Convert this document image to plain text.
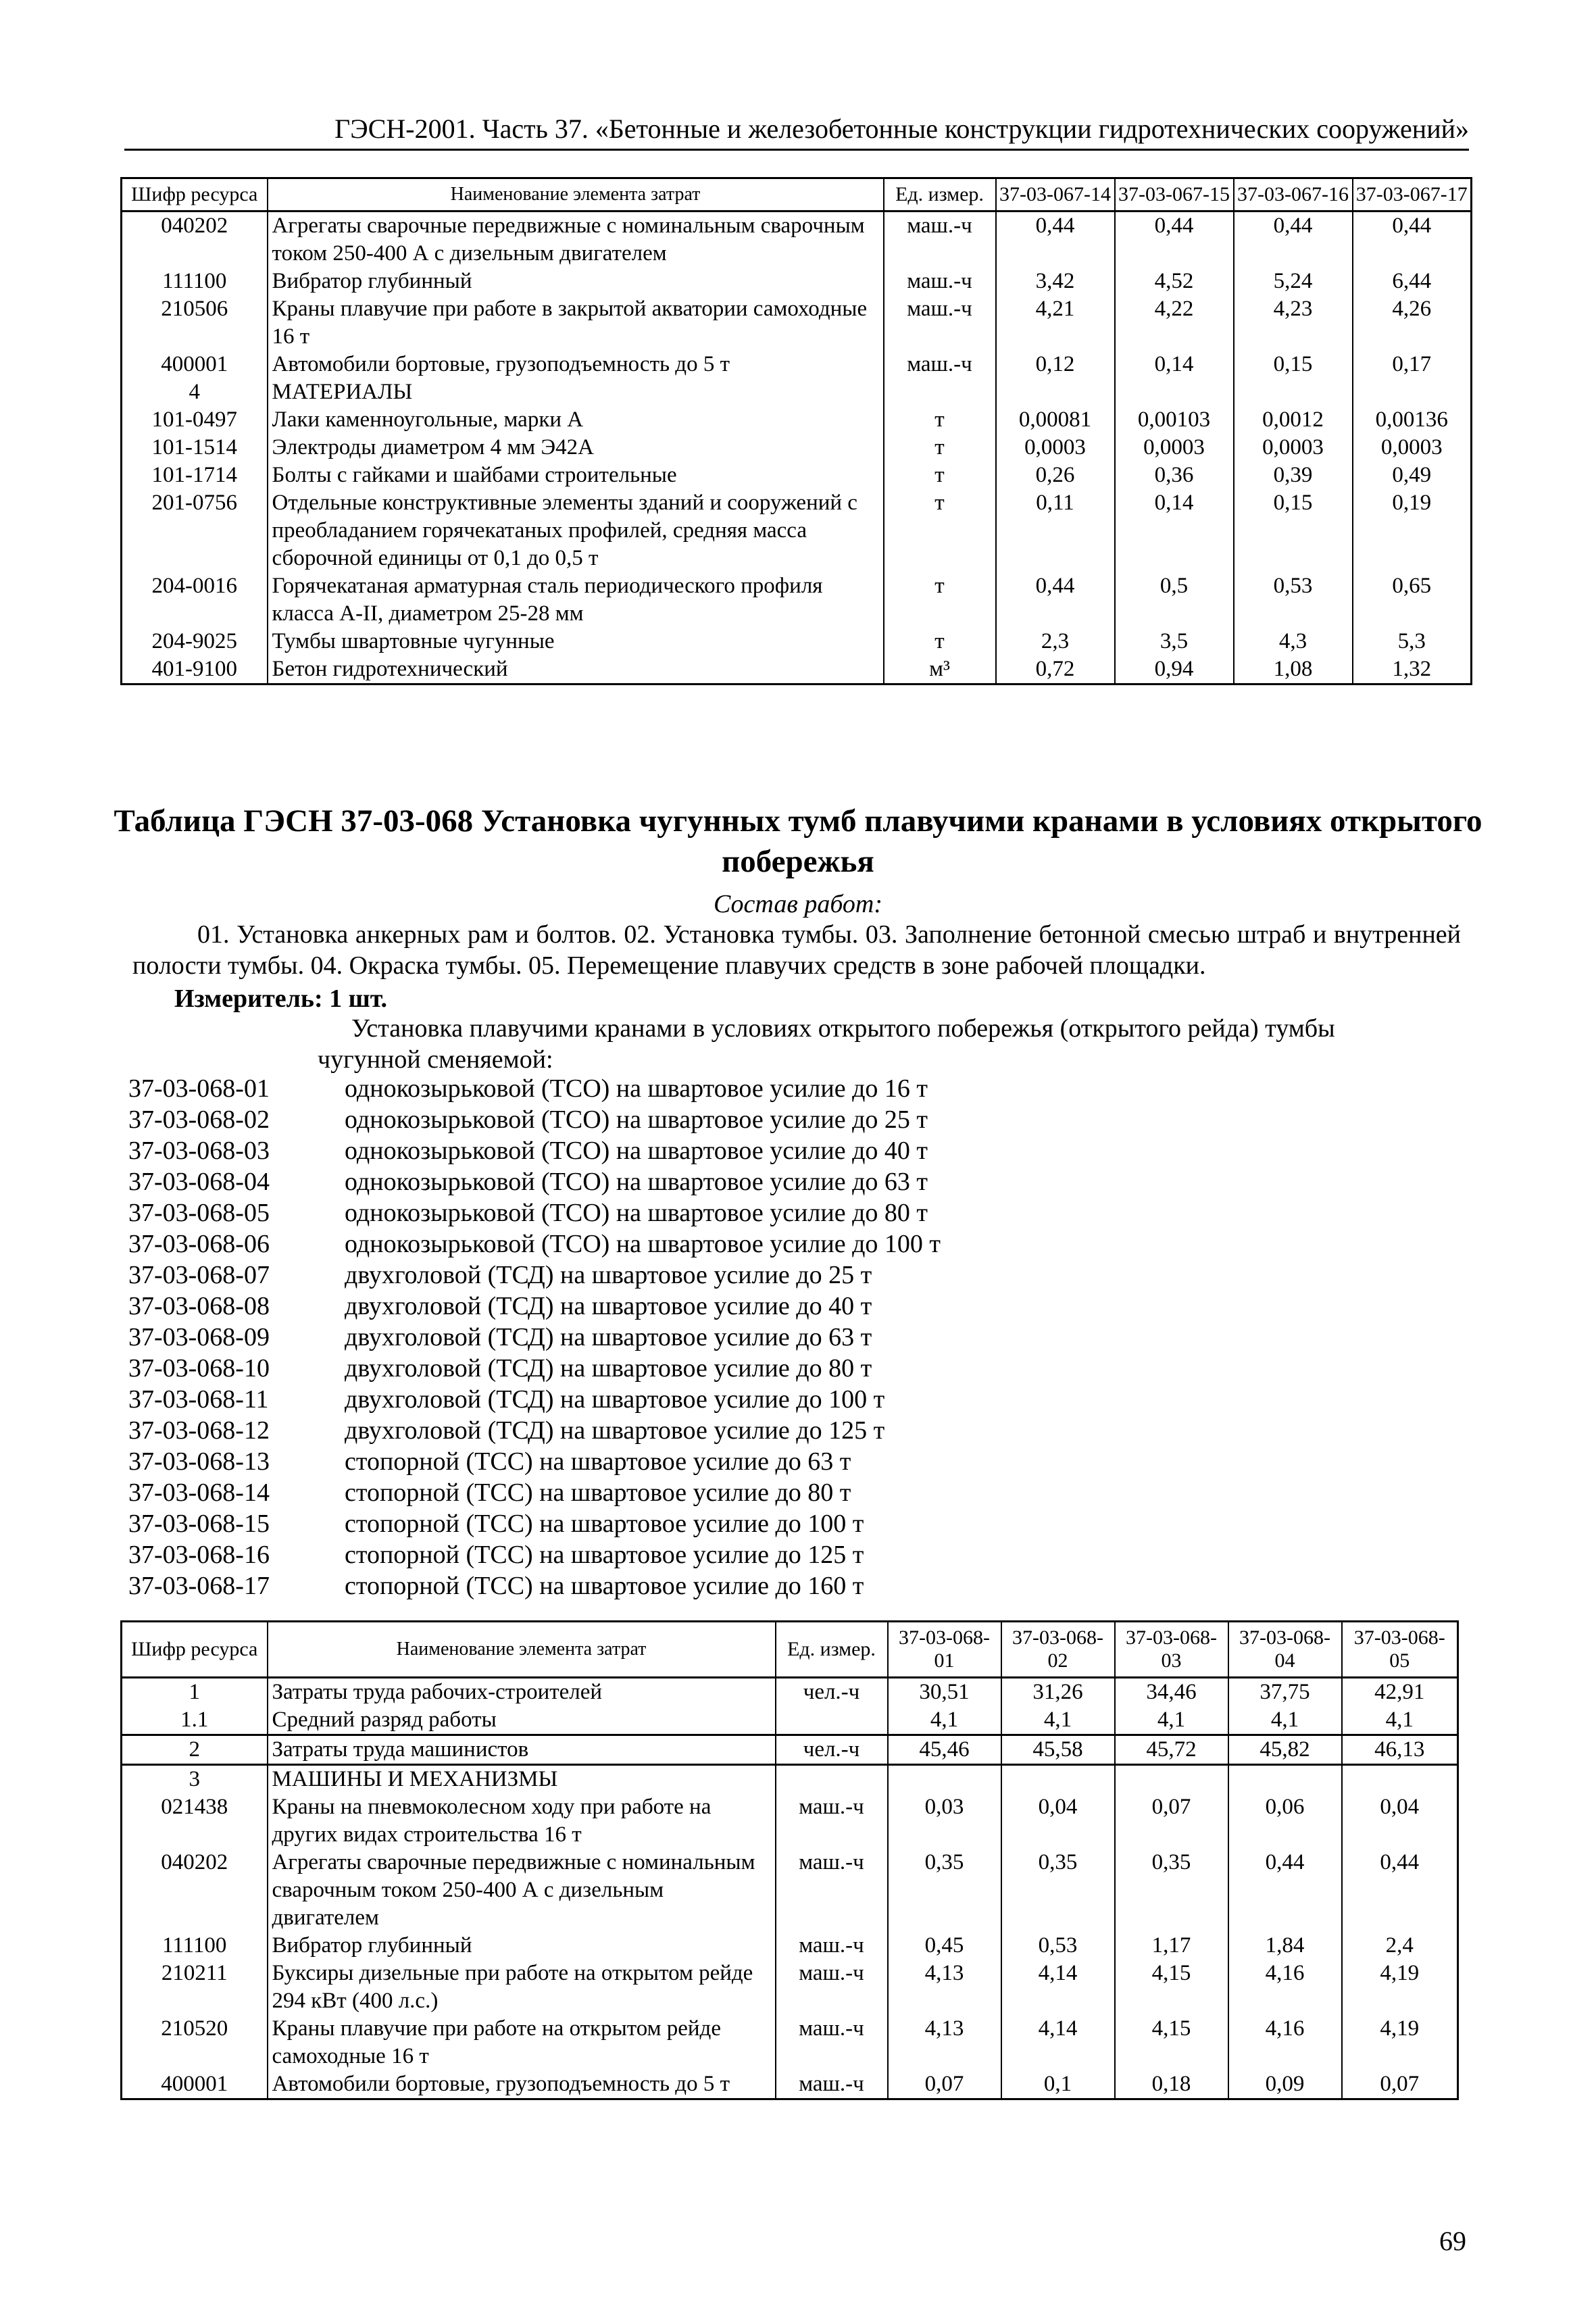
ГЭСН-2001. Часть 37. «Бетонные и железобетонные конструкции гидротехнических сооружений»
Шифр ресурса	Наименование элемента затрат	Ед. измер.	37-03-067-14	37-03-067-15	37-03-067-16	37-03-067-17
040202	Агрегаты сварочные передвижные с номинальным сварочным током 250-400 А с дизельным двигателем	маш.-ч	0,44	0,44	0,44	0,44
111100	Вибратор глубинный	маш.-ч	3,42	4,52	5,24	6,44
210506	Краны плавучие при работе в закрытой акватории самоходные 16 т	маш.-ч	4,21	4,22	4,23	4,26
400001	Автомобили бортовые, грузоподъемность до 5 т	маш.-ч	0,12	0,14	0,15	0,17
4	МАТЕРИАЛЫ					
101-0497	Лаки каменноугольные, марки А	т	0,00081	0,00103	0,0012	0,00136
101-1514	Электроды диаметром 4 мм Э42А	т	0,0003	0,0003	0,0003	0,0003
101-1714	Болты с гайками и шайбами строительные	т	0,26	0,36	0,39	0,49
201-0756	Отдельные конструктивные элементы зданий и сооружений с преобладанием горячекатаных профилей, средняя масса сборочной единицы от 0,1 до 0,5 т	т	0,11	0,14	0,15	0,19
204-0016	Горячекатаная арматурная сталь периодического профиля класса А-II, диаметром 25-28 мм	т	0,44	0,5	0,53	0,65
204-9025	Тумбы швартовные чугунные	т	2,3	3,5	4,3	5,3
401-9100	Бетон гидротехнический	м³	0,72	0,94	1,08	1,32
Таблица ГЭСН 37-03-068 Установка чугунных тумб плавучими кранами в условиях открытого побережья
Состав работ:
01. Установка анкерных рам и болтов. 02. Установка тумбы. 03. Заполнение бетонной смесью штраб и внутренней полости тумбы. 04. Окраска тумбы. 05. Перемещение плавучих средств в зоне рабочей площадки.
Измеритель: 1 шт.
Установка плавучими кранами в условиях открытого побережья (открытого рейда) тумбы чугунной сменяемой:
37-03-068-01	однокозырьковой (ТСО) на швартовое усилие до 16 т
37-03-068-02	однокозырьковой (ТСО) на швартовое усилие до 25 т
37-03-068-03	однокозырьковой (ТСО) на швартовое усилие до 40 т
37-03-068-04	однокозырьковой (ТСО) на швартовое усилие до 63 т
37-03-068-05	однокозырьковой (ТСО) на швартовое усилие до 80 т
37-03-068-06	однокозырьковой (ТСО) на швартовое усилие до 100 т
37-03-068-07	двухголовой (ТСД) на швартовое усилие до 25 т
37-03-068-08	двухголовой (ТСД) на швартовое усилие до 40 т
37-03-068-09	двухголовой (ТСД) на швартовое усилие до 63 т
37-03-068-10	двухголовой (ТСД) на швартовое усилие до 80 т
37-03-068-11	двухголовой (ТСД) на швартовое усилие до 100 т
37-03-068-12	двухголовой (ТСД) на швартовое усилие до 125 т
37-03-068-13	стопорной (ТСС) на швартовое усилие до 63 т
37-03-068-14	стопорной (ТСС) на швартовое усилие до 80 т
37-03-068-15	стопорной (ТСС) на швартовое усилие до 100 т
37-03-068-16	стопорной (ТСС) на швартовое усилие до 125 т
37-03-068-17	стопорной (ТСС) на швартовое усилие до 160 т
Шифр ресурса	Наименование элемента затрат	Ед. измер.	37-03-068-01	37-03-068-02	37-03-068-03	37-03-068-04	37-03-068-05
1	Затраты труда рабочих-строителей	чел.-ч	30,51	31,26	34,46	37,75	42,91
1.1	Средний разряд работы		4,1	4,1	4,1	4,1	4,1
2	Затраты труда машинистов	чел.-ч	45,46	45,58	45,72	45,82	46,13
3	МАШИНЫ И МЕХАНИЗМЫ						
021438	Краны на пневмоколесном ходу при работе на других видах строительства 16 т	маш.-ч	0,03	0,04	0,07	0,06	0,04
040202	Агрегаты сварочные передвижные с номинальным сварочным током 250-400 А с дизельным двигателем	маш.-ч	0,35	0,35	0,35	0,44	0,44
111100	Вибратор глубинный	маш.-ч	0,45	0,53	1,17	1,84	2,4
210211	Буксиры дизельные при работе на открытом рейде 294 кВт (400 л.с.)	маш.-ч	4,13	4,14	4,15	4,16	4,19
210520	Краны плавучие при работе на открытом рейде самоходные 16 т	маш.-ч	4,13	4,14	4,15	4,16	4,19
400001	Автомобили бортовые, грузоподъемность до 5 т	маш.-ч	0,07	0,1	0,18	0,09	0,07
69
